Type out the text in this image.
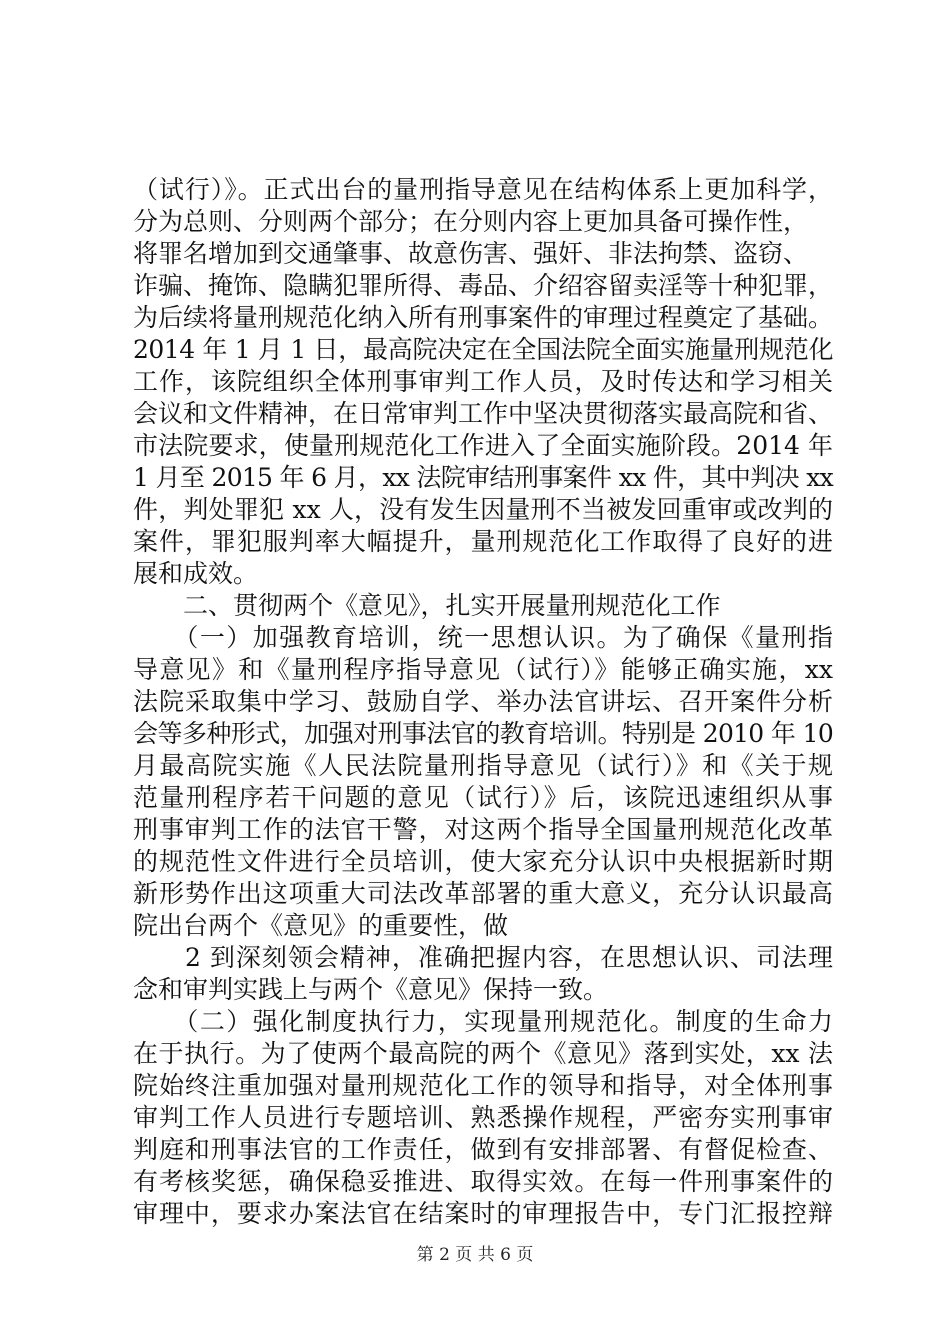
（试行）》。正式出台的量刑指导意见在结构体系上更加科学，
分为总则、分则两个部分；在分则内容上更加具备可操作性，
将罪名增加到交通肇事、故意伤害、强奸、非法拘禁、盗窃、
诈骗、掩饰、隐瞒犯罪所得、毒品、介绍容留卖淫等十种犯罪，
为后续将量刑规范化纳入所有刑事案件的审理过程奠定了基础。
2014 年 1 月 1 日，最高院决定在全国法院全面实施量刑规范化
工作，该院组织全体刑事审判工作人员，及时传达和学习相关
会议和文件精神，在日常审判工作中坚决贯彻落实最高院和省、
市法院要求，使量刑规范化工作进入了全面实施阶段。2014 年
1 月至 2015 年 6 月，xx 法院审结刑事案件 xx 件，其中判决 xx
件，判处罪犯 xx 人，没有发生因量刑不当被发回重审或改判的
案件，罪犯服判率大幅提升，量刑规范化工作取得了良好的进
展和成效。
　　二、贯彻两个《意见》，扎实开展量刑规范化工作
　　（一）加强教育培训，统一思想认识。为了确保《量刑指
导意见》和《量刑程序指导意见（试行）》能够正确实施，xx
法院采取集中学习、鼓励自学、举办法官讲坛、召开案件分析
会等多种形式，加强对刑事法官的教育培训。特别是 2010 年 10
月最高院实施《人民法院量刑指导意见（试行）》和《关于规
范量刑程序若干问题的意见（试行）》后，该院迅速组织从事
刑事审判工作的法官干警，对这两个指导全国量刑规范化改革
的规范性文件进行全员培训，使大家充分认识中央根据新时期
新形势作出这项重大司法改革部署的重大意义，充分认识最高
院出台两个《意见》的重要性，做
　　2 到深刻领会精神，准确把握内容，在思想认识、司法理
念和审判实践上与两个《意见》保持一致。
　　（二）强化制度执行力，实现量刑规范化。制度的生命力
在于执行。为了使两个最高院的两个《意见》落到实处，xx 法
院始终注重加强对量刑规范化工作的领导和指导，对全体刑事
审判工作人员进行专题培训、熟悉操作规程，严密夯实刑事审
判庭和刑事法官的工作责任，做到有安排部署、有督促检查、
有考核奖惩，确保稳妥推进、取得实效。在每一件刑事案件的
审理中，要求办案法官在结案时的审理报告中，专门汇报控辩
第 2 页 共 6 页
